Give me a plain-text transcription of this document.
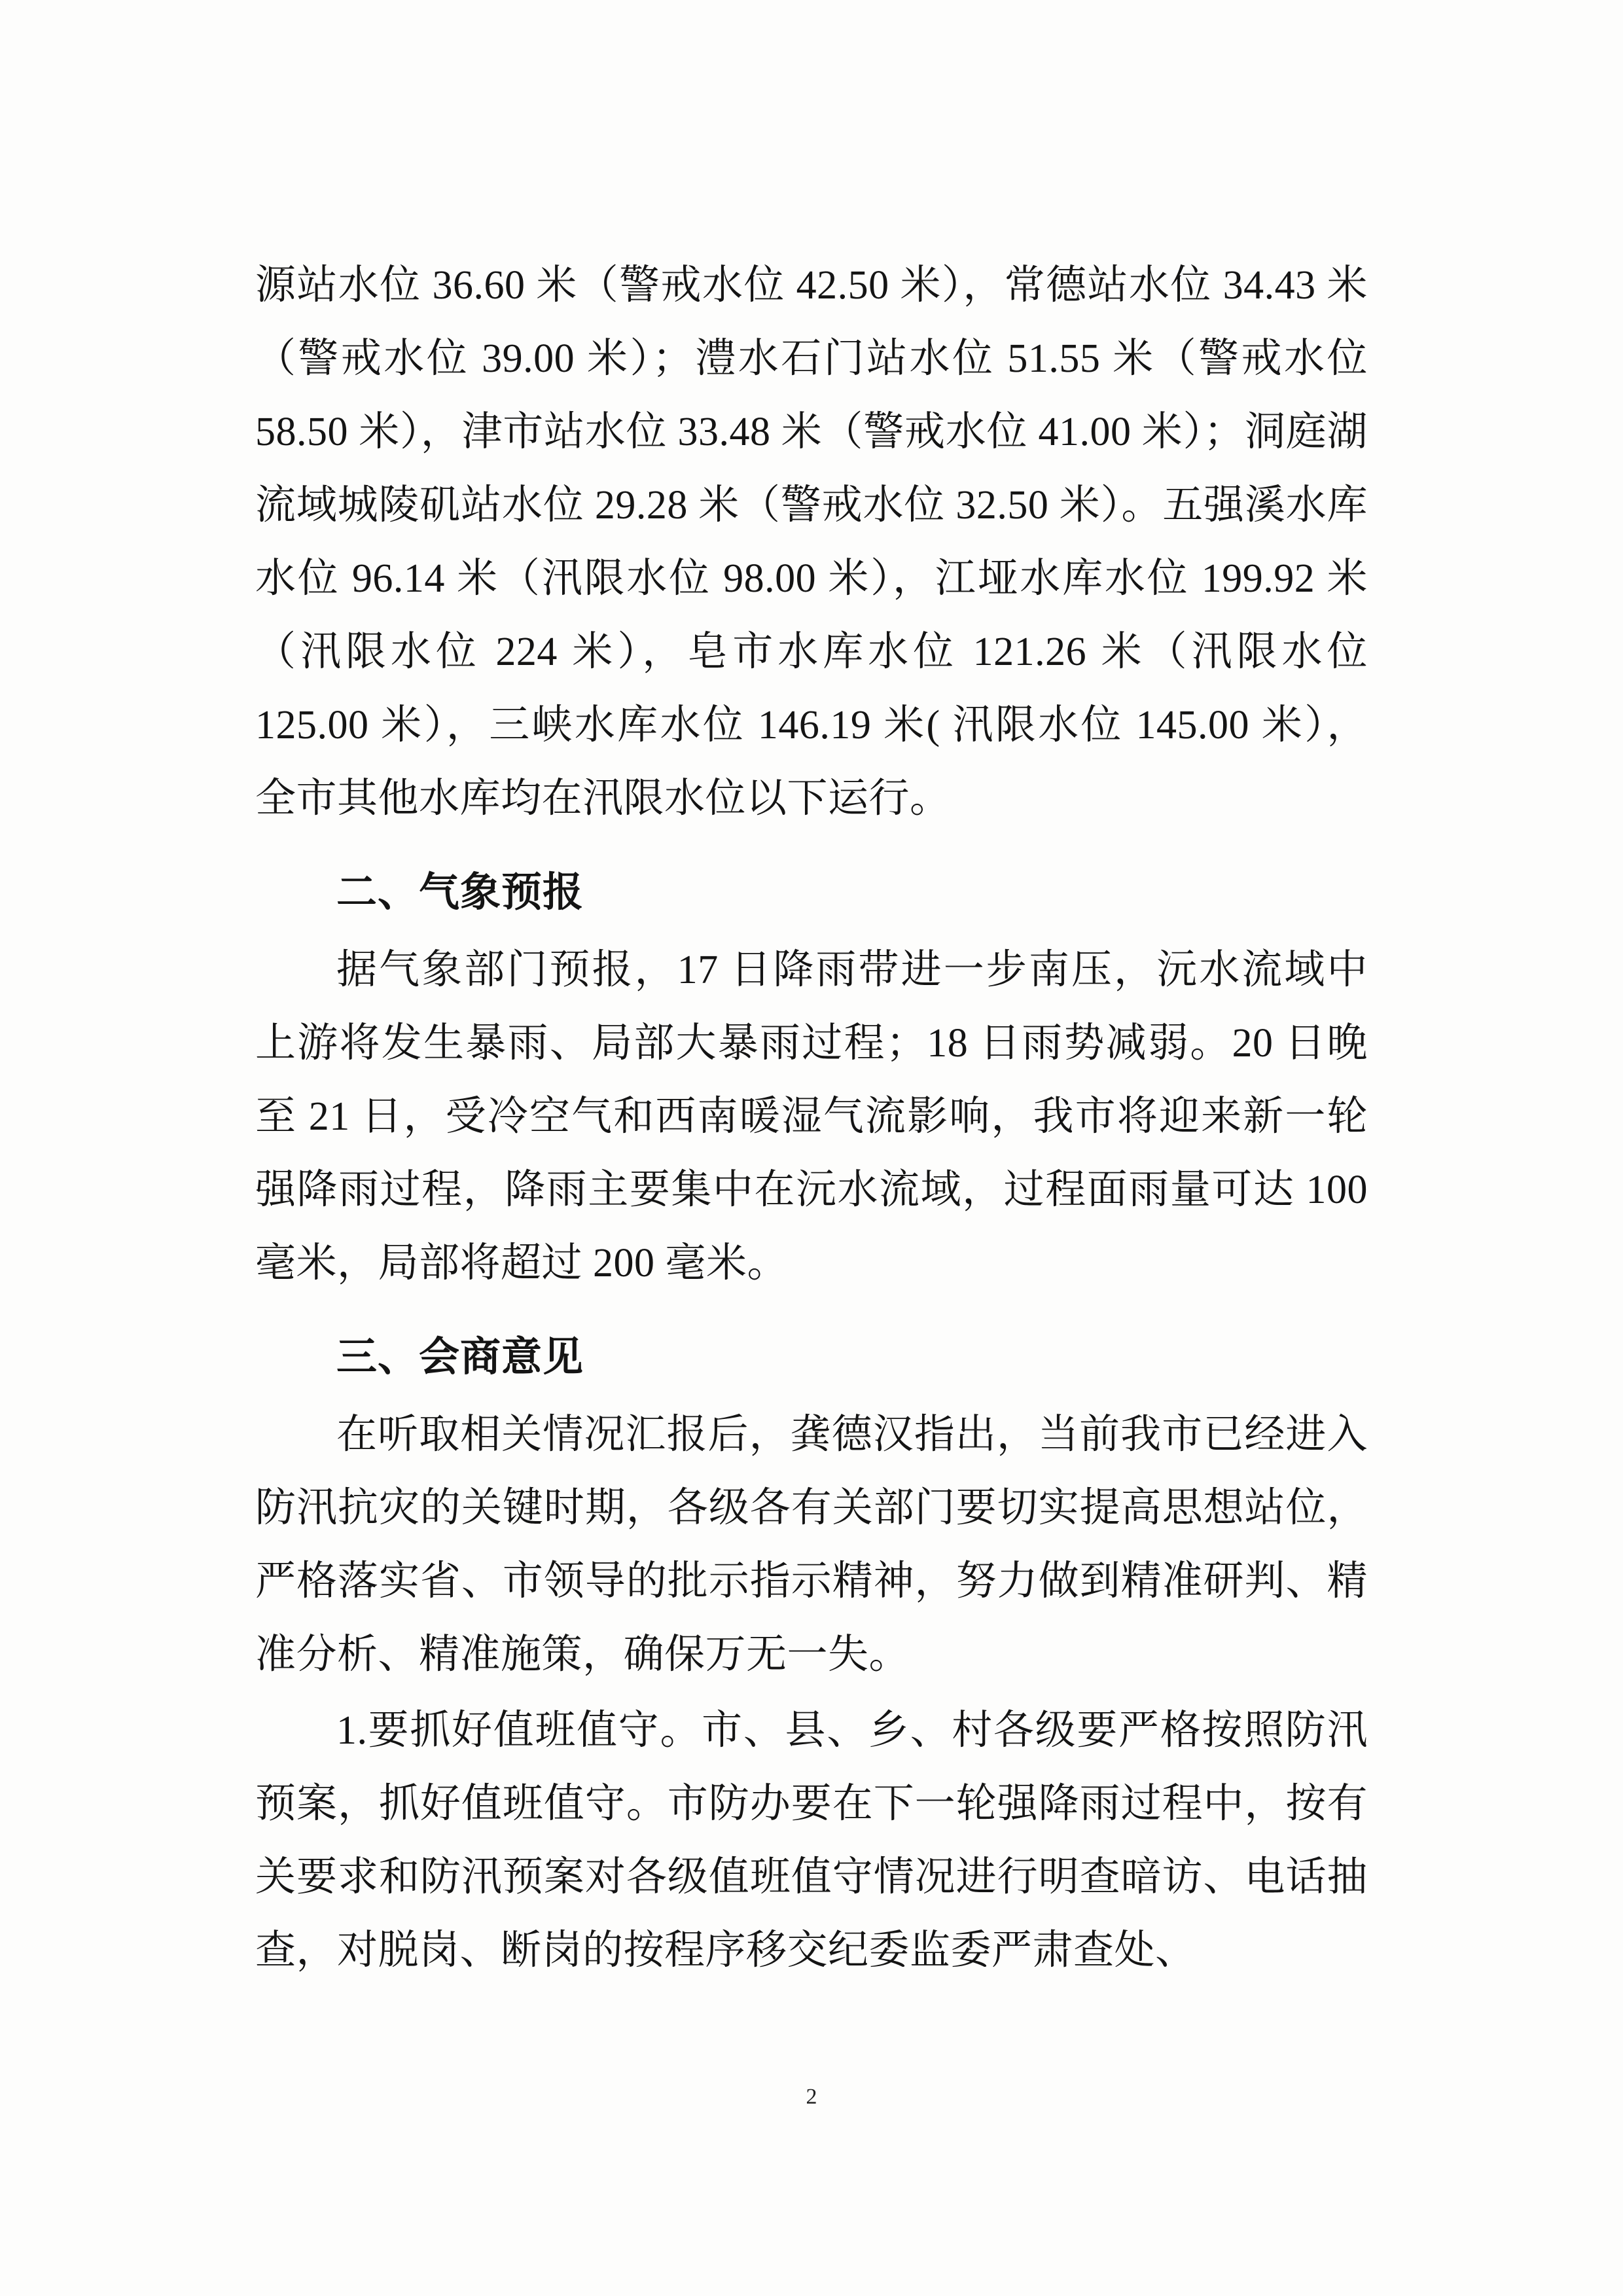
源站水位 36.60 米（警戒水位 42.50 米），常德站水位 34.43 米（警戒水位 39.00 米）；澧水石门站水位 51.55 米（警戒水位 58.50 米），津市站水位 33.48 米（警戒水位 41.00 米）；洞庭湖流域城陵矶站水位 29.28 米（警戒水位 32.50 米）。五强溪水库水位 96.14 米（汛限水位 98.00 米），江垭水库水位 199.92 米（汛限水位 224 米），皂市水库水位 121.26 米（汛限水位 125.00 米），三峡水库水位 146.19 米( 汛限水位 145.00 米），全市其他水库均在汛限水位以下运行。

二、气象预报

据气象部门预报，17 日降雨带进一步南压，沅水流域中上游将发生暴雨、局部大暴雨过程；18 日雨势减弱。20 日晚至 21 日，受冷空气和西南暖湿气流影响，我市将迎来新一轮强降雨过程，降雨主要集中在沅水流域，过程面雨量可达 100 毫米，局部将超过 200 毫米。

三、会商意见

在听取相关情况汇报后，龚德汉指出，当前我市已经进入防汛抗灾的关键时期，各级各有关部门要切实提高思想站位，严格落实省、市领导的批示指示精神，努力做到精准研判、精准分析、精准施策，确保万无一失。

1.要抓好值班值守。市、县、乡、村各级要严格按照防汛预案，抓好值班值守。市防办要在下一轮强降雨过程中，按有关要求和防汛预案对各级值班值守情况进行明查暗访、电话抽查，对脱岗、断岗的按程序移交纪委监委严肃查处、

2
